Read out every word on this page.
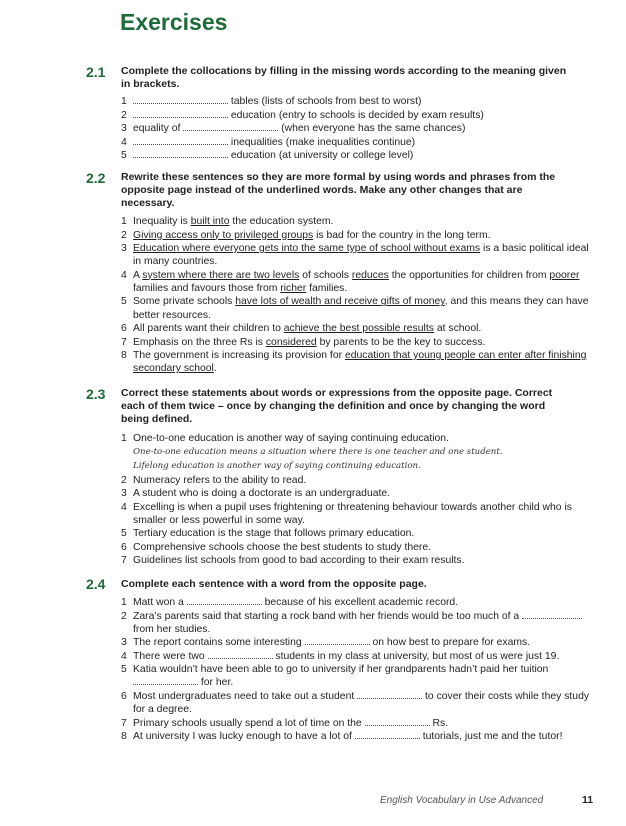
Exercises
2.1 Complete the collocations by filling in the missing words according to the meaning given in brackets.
1	tables (lists of schools from best to worst)
2	education (entry to schools is decided by exam results)
3 equality of	(when everyone has the same chances)
4	inequalities (make inequalities continue)
5	education (at university or college level)
2.2 Rewrite these sentences so they are more formal by using words and phrases from the opposite page instead of the underlined words. Make any other changes that are necessary.
1 Inequality is built into the education system.
2 Giving access only to privileged groups is bad for the country in the long term.
3 Education where everyone gets into the same type of school without exams is a basic political ideal in many countries.
4 A system where there are two levels of schools reduces the opportunities for children from poorer families and favours those from richer families.
5 Some private schools have lots of wealth and receive gifts of money, and this means they can have better resources.
6 All parents want their children to achieve the best possible results at school.
7 Emphasis on the three Rs is considered by parents to be the key to success.
8 The government is increasing its provision for education that young people can enter after finishing secondary school.
2.3 Correct these statements about words or expressions from the opposite page. Correct each of them twice – once by changing the definition and once by changing the word being defined.
1 One-to-one education is another way of saying continuing education.
One-to-one education means a situation where there is one teacher and one student.
Lifelong education is another way of saying continuing education.
2 Numeracy refers to the ability to read.
3 A student who is doing a doctorate is an undergraduate.
4 Excelling is when a pupil uses frightening or threatening behaviour towards another child who is smaller or less powerful in some way.
5 Tertiary education is the stage that follows primary education.
6 Comprehensive schools choose the best students to study there.
7 Guidelines list schools from good to bad according to their exam results.
2.4 Complete each sentence with a word from the opposite page.
1 Matt won a	because of his excellent academic record.
2 Zara’s parents said that starting a rock band with her friends would be too much of a  from her studies.
3 The report contains some interesting	on how best to prepare for exams.
4 There were two	students in my class at university, but most of us were just 19.
5 Katia wouldn’t have been able to go to university if her grandparents hadn’t paid her tuition  for her.
6 Most undergraduates need to take out a student	to cover their costs while they study for a degree.
7 Primary schools usually spend a lot of time on the	Rs.
8 At university I was lucky enough to have a lot of	tutorials, just me and the tutor!
English Vocabulary in Use Advanced	11
